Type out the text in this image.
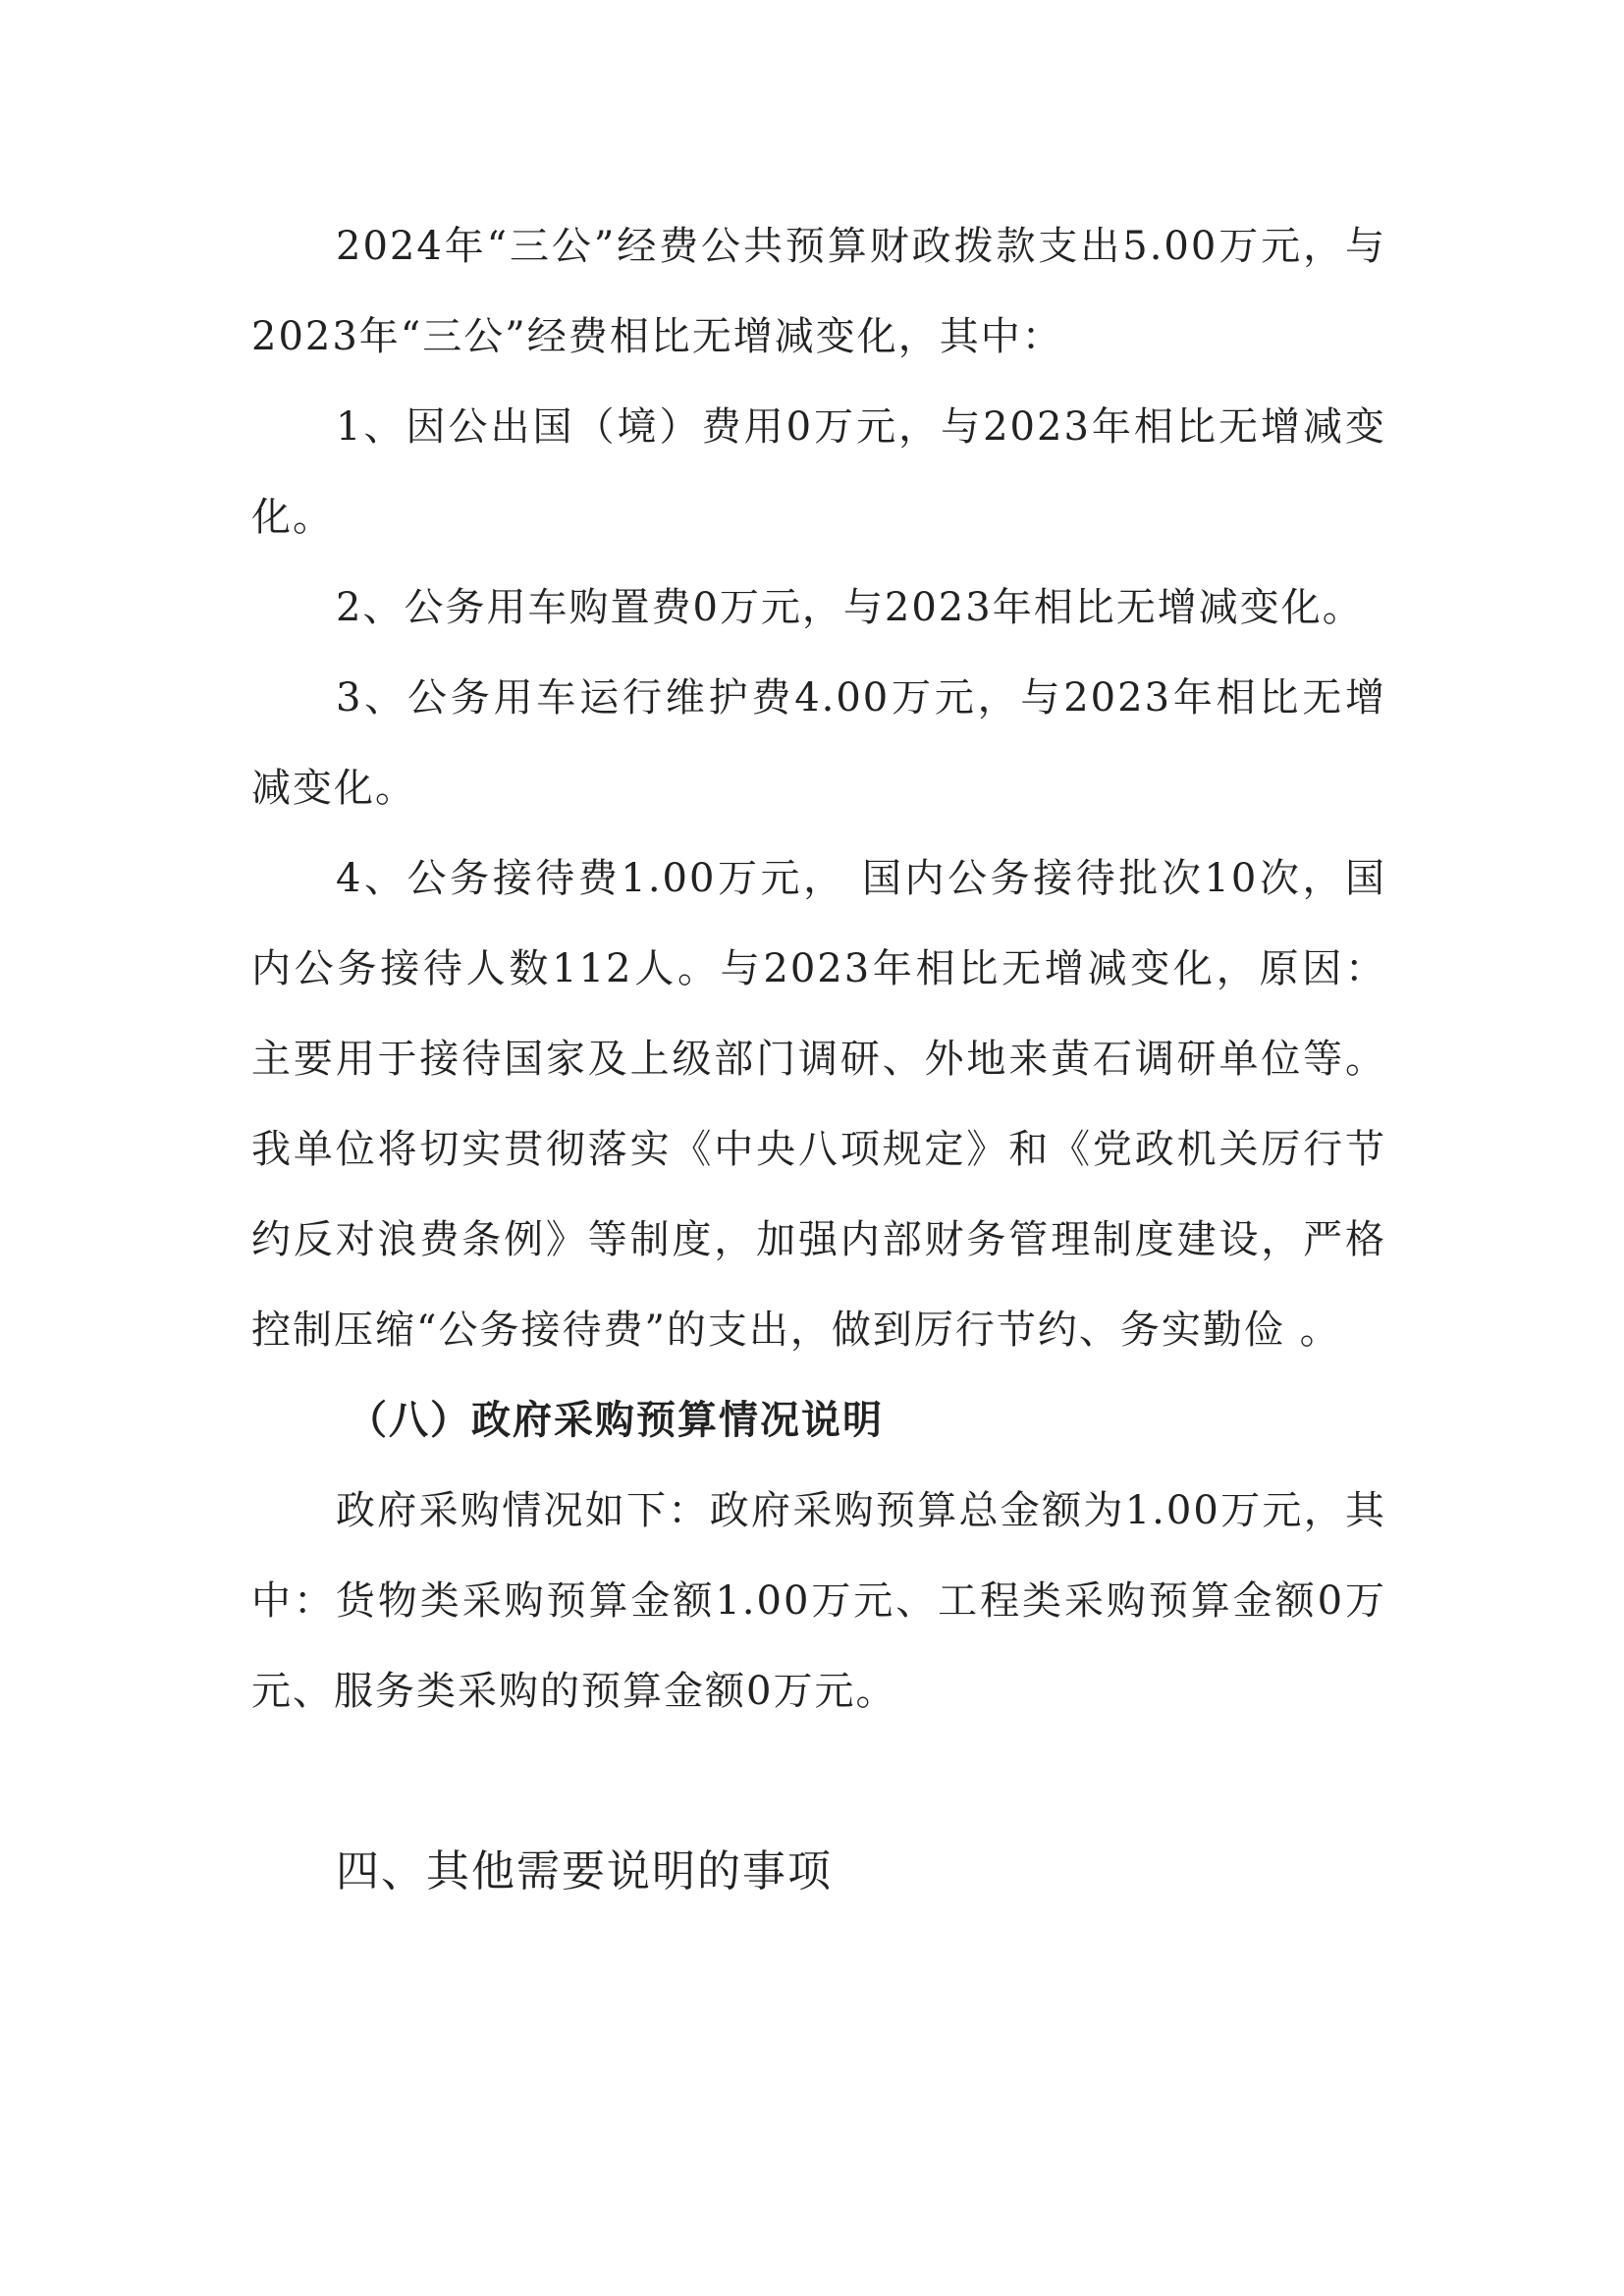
2024年“三公”经费公共预算财政拨款支出5.00万元，与2023年“三公”经费相比无增减变化，其中：

1、因公出国（境）费用0万元，与2023年相比无增减变化。

2、公务用车购置费0万元，与2023年相比无增减变化。

3、公务用车运行维护费4.00万元，与2023年相比无增减变化。

4、公务接待费1.00万元， 国内公务接待批次10次，国内公务接待人数112人。与2023年相比无增减变化，原因：主要用于接待国家及上级部门调研、外地来黄石调研单位等。我单位将切实贯彻落实《中央八项规定》和《党政机关厉行节约反对浪费条例》等制度，加强内部财务管理制度建设，严格控制压缩“公务接待费”的支出，做到厉行节约、务实勤俭 。

（八）政府采购预算情况说明

政府采购情况如下：政府采购预算总金额为1.00万元，其中：货物类采购预算金额1.00万元、工程类采购预算金额0万元、服务类采购的预算金额0万元。

四、其他需要说明的事项
